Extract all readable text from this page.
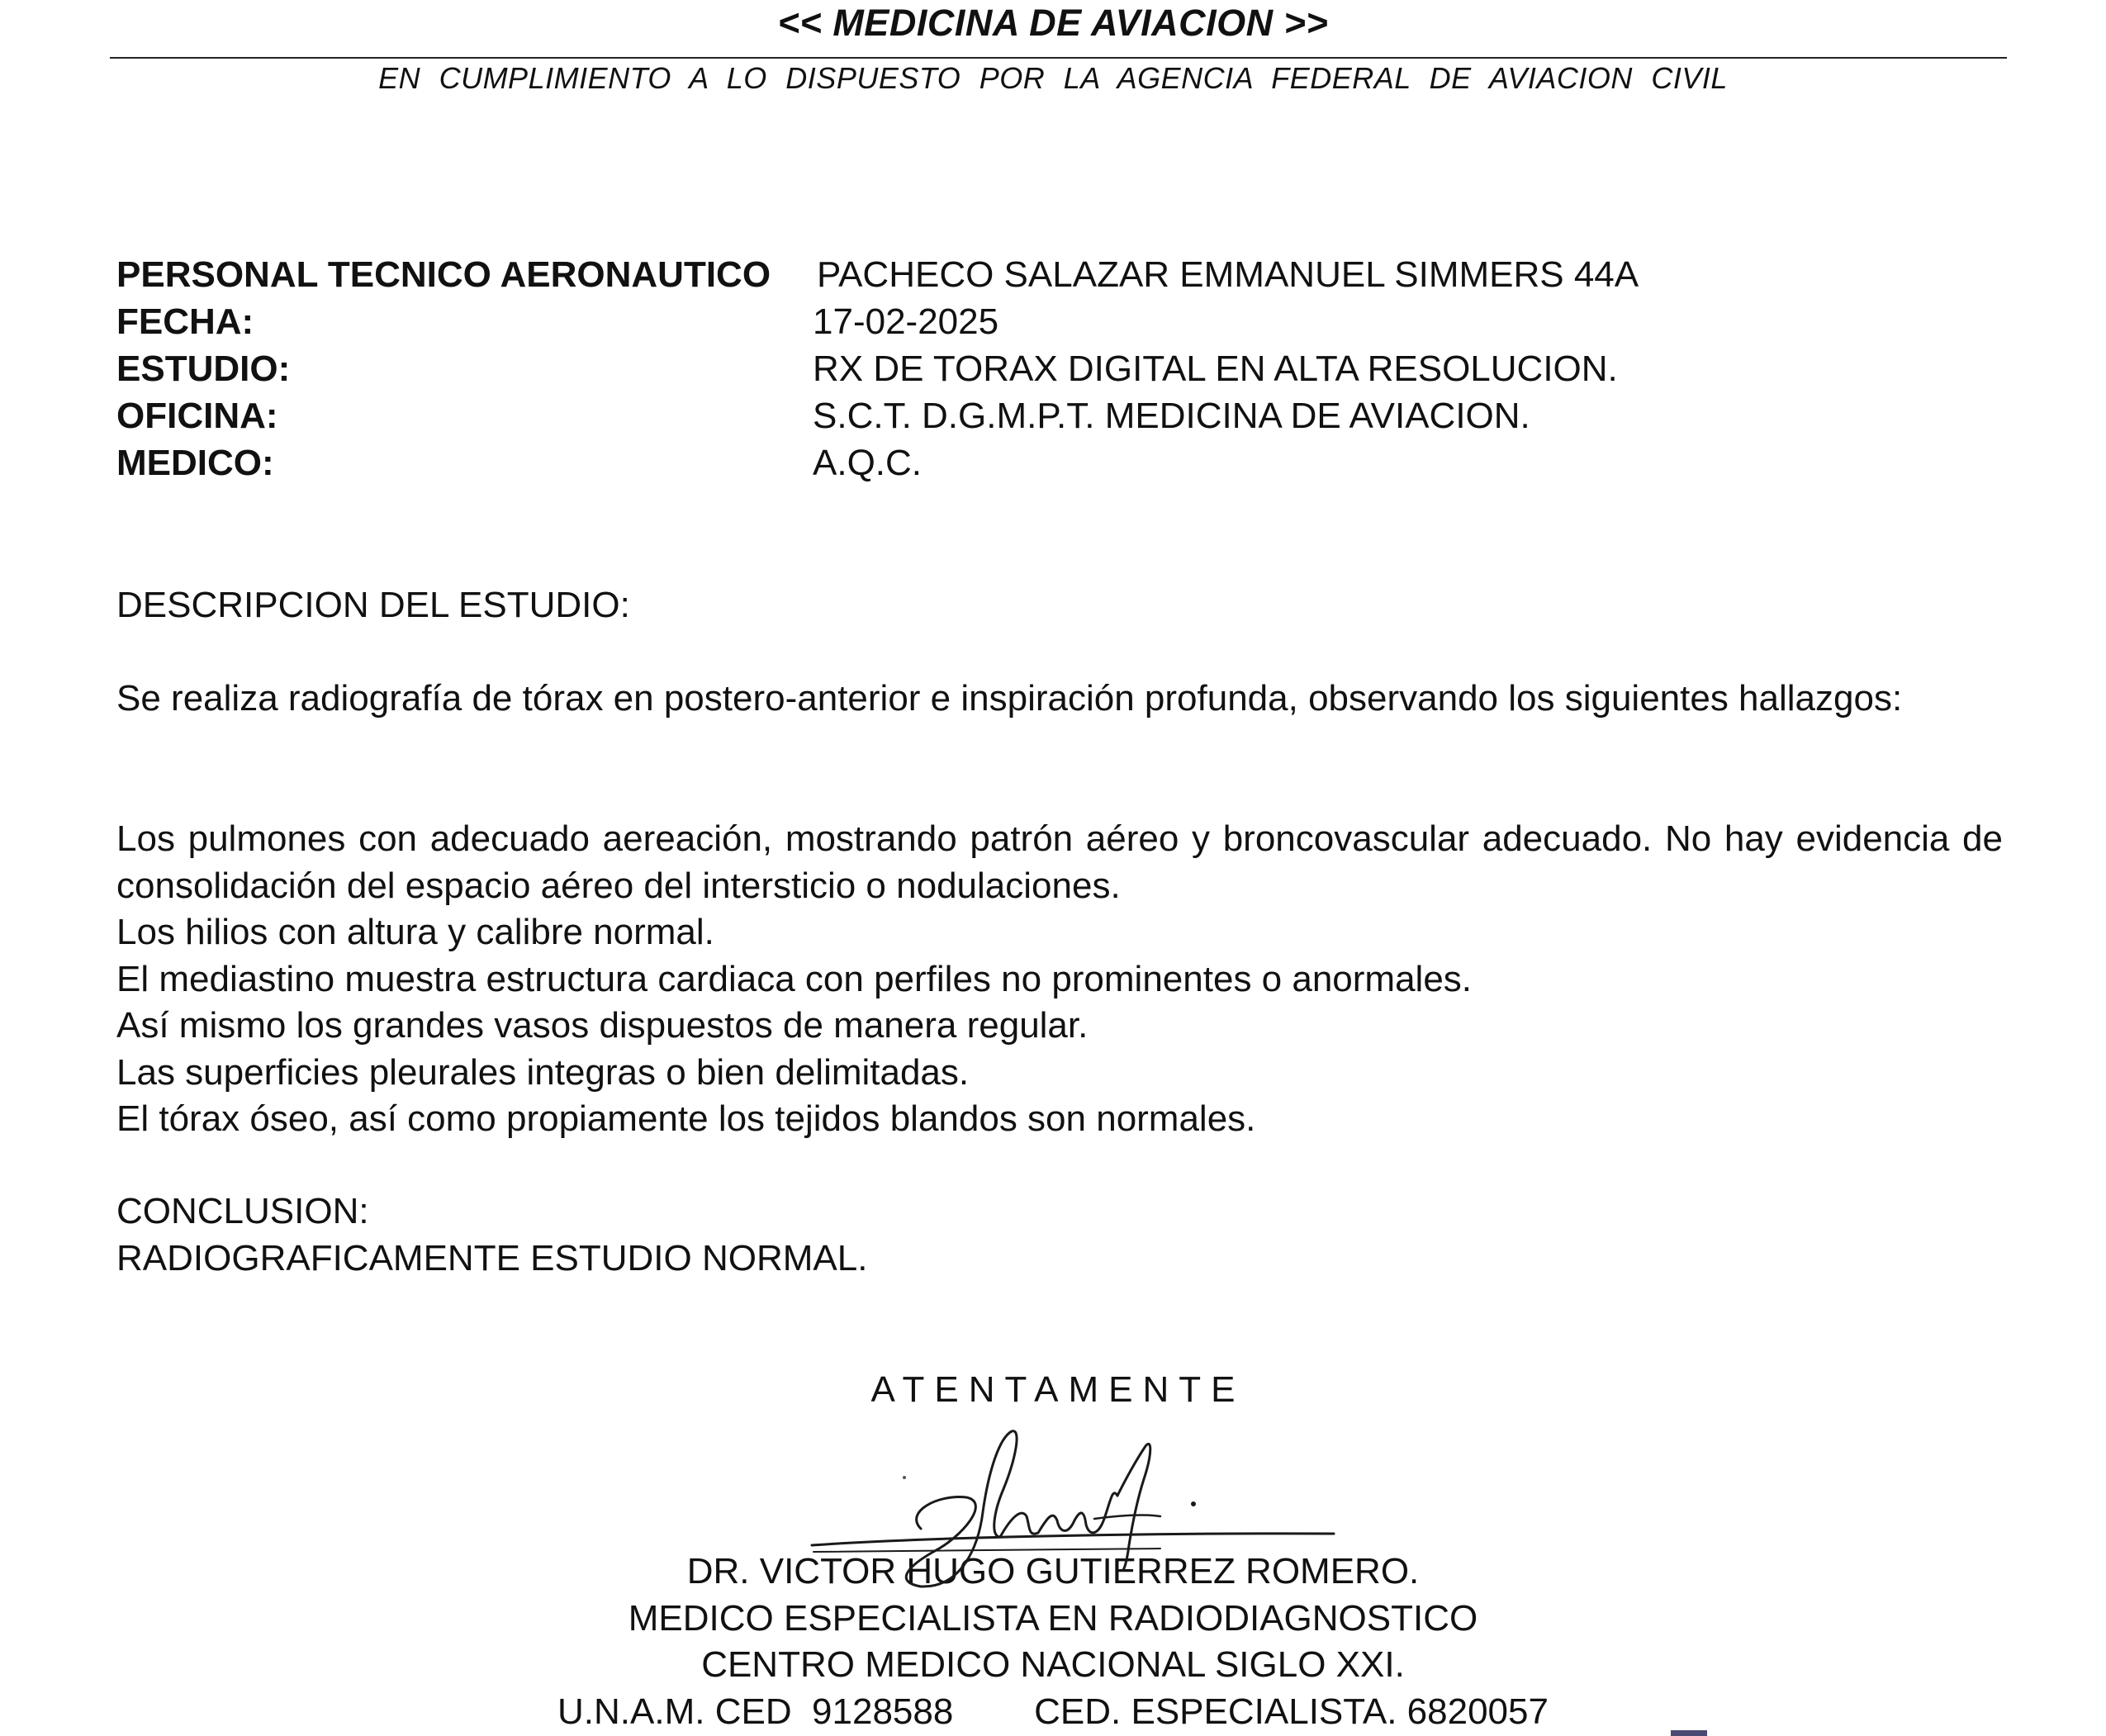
<< MEDICINA DE AVIACION >>
EN CUMPLIMIENTO A LO DISPUESTO POR LA AGENCIA FEDERAL DE AVIACION CIVIL
PERSONAL TECNICO AERONAUTICO PACHECO SALAZAR EMMANUEL SIMMERS 44A
FECHA:	17-02-2025
ESTUDIO:	RX DE TORAX DIGITAL EN ALTA RESOLUCION.
OFICINA:	S.C.T. D.G.M.P.T. MEDICINA DE AVIACION.
MEDICO:	A.Q.C.
DESCRIPCION DEL ESTUDIO:
Se realiza radiografía de tórax en postero-anterior e inspiración profunda, observando los siguientes hallazgos:
Los pulmones con adecuado aereación, mostrando patrón aéreo y broncovascular adecuado. No hay evidencia de consolidación del espacio aéreo del intersticio o nodulaciones.
Los hilios con altura y calibre normal.
El mediastino muestra estructura cardiaca con perfiles no prominentes o anormales.
Así mismo los grandes vasos dispuestos de manera regular.
Las superficies pleurales integras o bien delimitadas.
El tórax óseo, así como propiamente los tejidos blandos son normales.
CONCLUSION:
RADIOGRAFICAMENTE ESTUDIO NORMAL.
ATENTAMENTE
DR. VICTOR HUGO GUTIERREZ ROMERO.
MEDICO ESPECIALISTA EN RADIODIAGNOSTICO
CENTRO MEDICO NACIONAL SIGLO XXI.
U.N.A.M. CED  9128588 CED. ESPECIALISTA. 6820057
